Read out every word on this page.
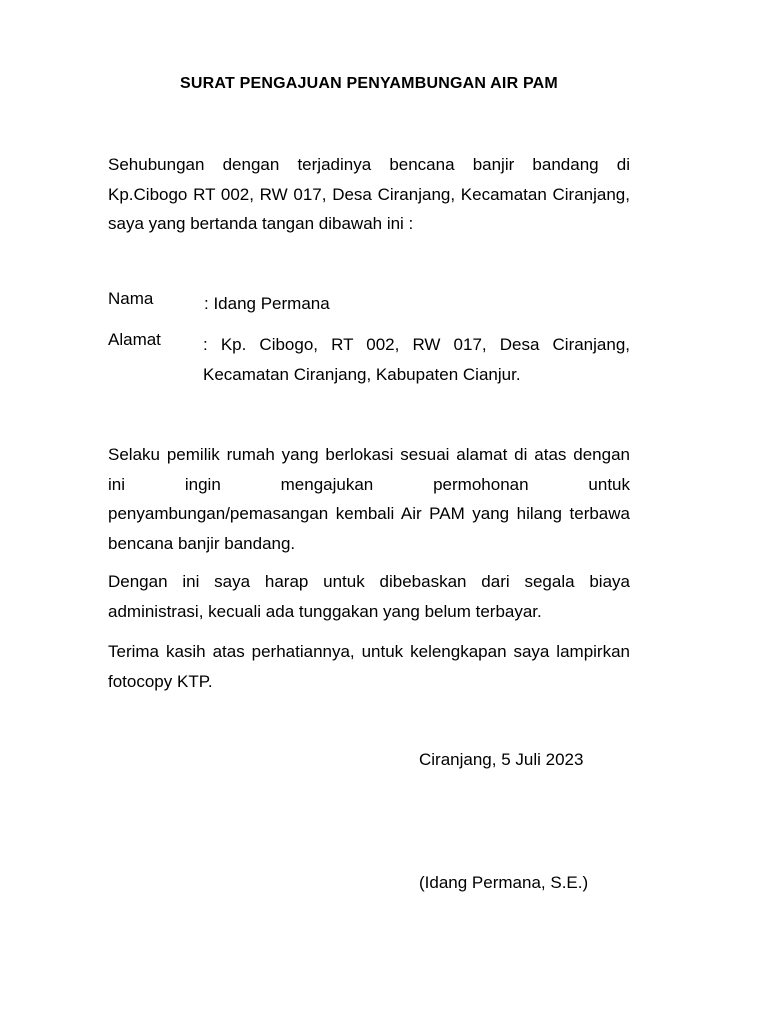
SURAT PENGAJUAN PENYAMBUNGAN AIR PAM
Sehubungan dengan terjadinya bencana banjir bandang di Kp.Cibogo RT 002, RW 017, Desa Ciranjang, Kecamatan Ciranjang, saya yang bertanda tangan dibawah ini :
Nama	: Idang Permana
Alamat : Kp. Cibogo, RT 002, RW 017, Desa Ciranjang, Kecamatan Ciranjang, Kabupaten Cianjur.
Selaku pemilik rumah yang berlokasi sesuai alamat di atas dengan ini ingin mengajukan permohonan untuk penyambungan/pemasangan kembali Air PAM yang hilang terbawa bencana banjir bandang.
Dengan ini saya harap untuk dibebaskan dari segala biaya administrasi, kecuali ada tunggakan yang belum terbayar.
Terima kasih atas perhatiannya, untuk kelengkapan saya lampirkan fotocopy KTP.
Ciranjang, 5 Juli 2023
(Idang Permana, S.E.)
